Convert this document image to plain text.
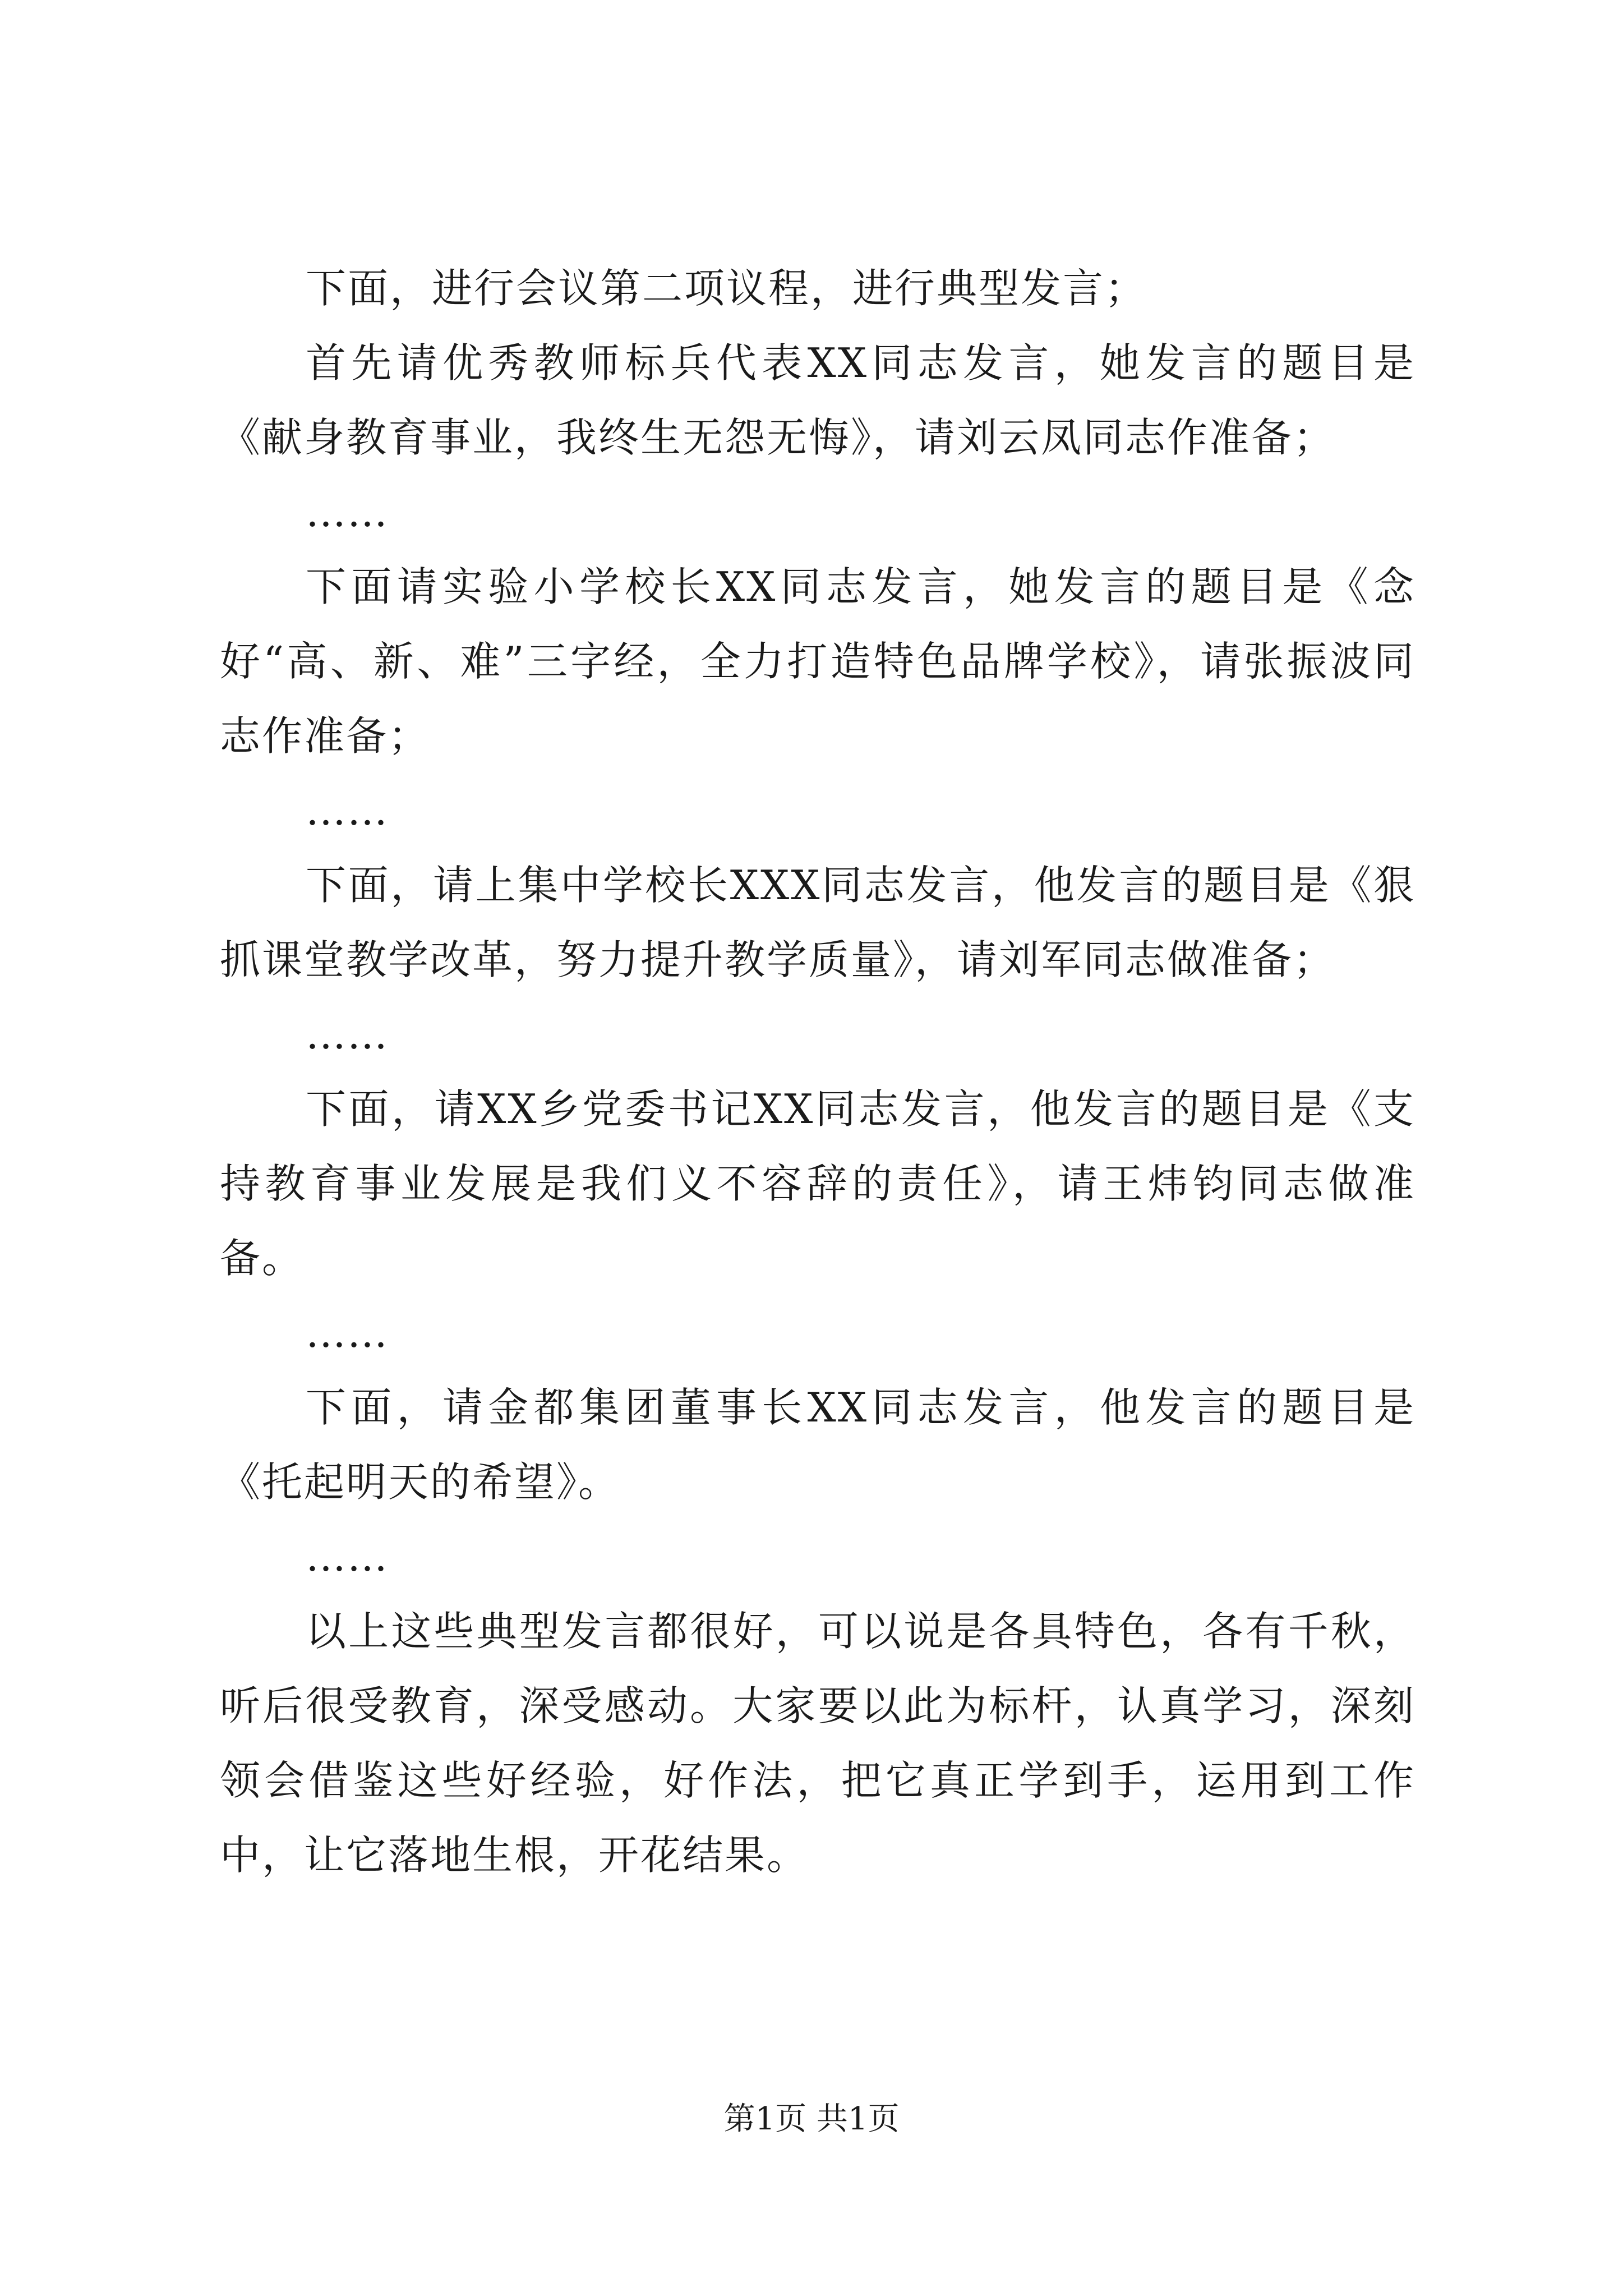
下面，进行会议第二项议程，进行典型发言；

首先请优秀教师标兵代表XX同志发言，她发言的题目是《献身教育事业，我终生无怨无悔》，请刘云凤同志作准备；

……

下面请实验小学校长XX同志发言，她发言的题目是《念好“高、新、难”三字经，全力打造特色品牌学校》，请张振波同志作准备；

……

下面，请上集中学校长XXX同志发言，他发言的题目是《狠抓课堂教学改革，努力提升教学质量》，请刘军同志做准备；

……

下面，请XX乡党委书记XX同志发言，他发言的题目是《支持教育事业发展是我们义不容辞的责任》，请王炜钧同志做准备。

……

下面，请金都集团董事长XX同志发言，他发言的题目是《托起明天的希望》。

……

以上这些典型发言都很好，可以说是各具特色，各有千秋，听后很受教育，深受感动。大家要以此为标杆，认真学习，深刻领会借鉴这些好经验，好作法，把它真正学到手，运用到工作中，让它落地生根，开花结果。

第1页 共1页
